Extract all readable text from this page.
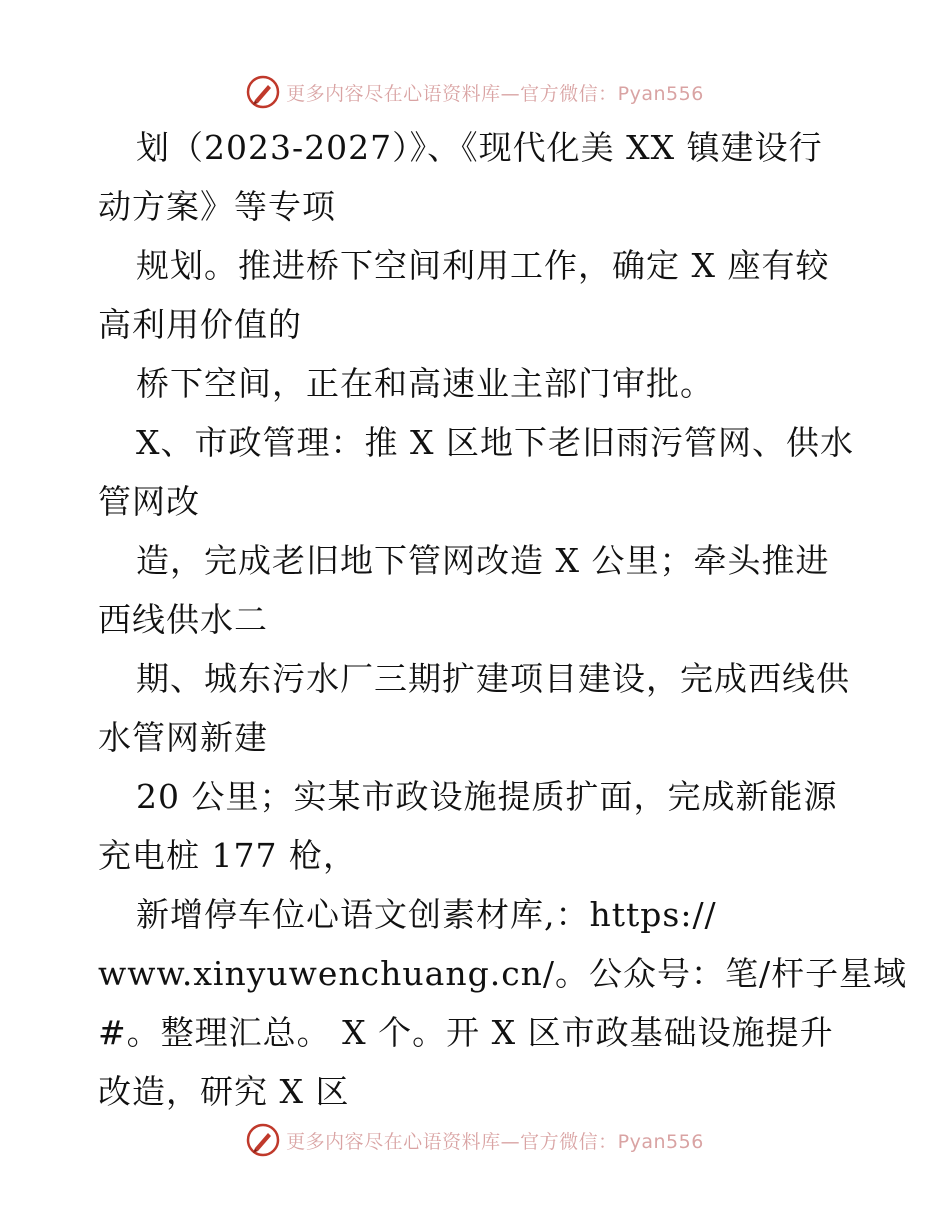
更多内容尽在心语资料库—官方微信：Pyan556
划（2023-2027）》、《现代化美 XX 镇建设行
动方案》等专项
规划。推进桥下空间利用工作，确定 X 座有较
高利用价值的
桥下空间，正在和高速业主部门审批。
X、市政管理：推 X 区地下老旧雨污管网、供水
管网改
造，完成老旧地下管网改造 X 公里；牵头推进
西线供水二
期、城东污水厂三期扩建项目建设，完成西线供
水管网新建
20 公里；实某市政设施提质扩面，完成新能源
充电桩 177 枪，
新增停车位心语文创素材库,：https://
www.xinyuwenchuang.cn/。公众号：笔/杆子星域
#。整理汇总。 X 个。开 X 区市政基础设施提升
改造，研究 X 区
更多内容尽在心语资料库—官方微信：Pyan556
